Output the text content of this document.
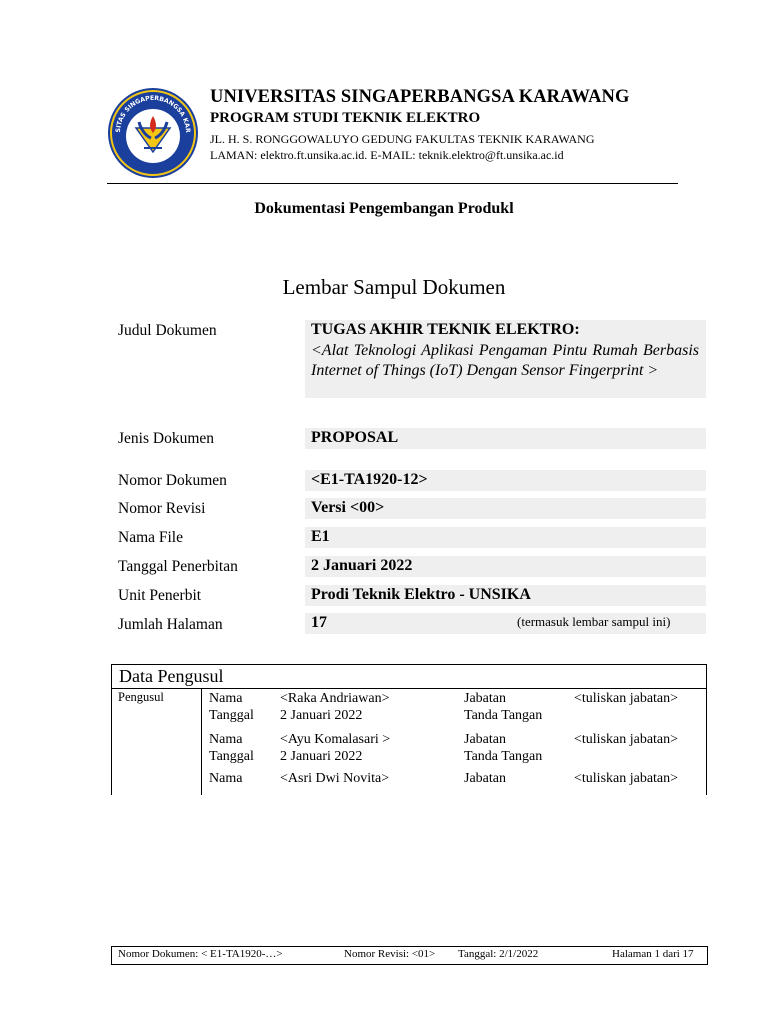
SITAS SINGAPERBANGSA KAR
UNIVERSITAS SINGAPERBANGSA KARAWANG
PROGRAM STUDI TEKNIK ELEKTRO
JL. H. S. RONGGOWALUYO GEDUNG FAKULTAS TEKNIK KARAWANG
LAMAN: elektro.ft.unsika.ac.id. E-MAIL: teknik.elektro@ft.unsika.ac.id
Dokumentasi Pengembangan Produkl
Lembar Sampul Dokumen
Judul Dokumen	TUGAS AKHIR TEKNIK ELEKTRO:
<Alat Teknologi Aplikasi Pengaman Pintu Rumah Berbasis Internet of Things (IoT) Dengan Sensor Fingerprint >
Jenis Dokumen	PROPOSAL
Nomor Dokumen	<E1-TA1920-12>
Nomor Revisi	Versi <00>
Nama File	E1
Tanggal Penerbitan	2 Januari 2022
Unit Penerbit	Prodi Teknik Elektro - UNSIKA
Jumlah Halaman	17	(termasuk lembar sampul ini)
Data Pengusul
Pengusul	Nama	<Raka Andriawan>	Jabatan	<tuliskan jabatan>
Tanggal 2 Januari 2022	Tanda Tangan
Nama	<Ayu Komalasari >	Jabatan	<tuliskan jabatan>
Tanggal 2 Januari 2022	Tanda Tangan
Nama	<Asri Dwi Novita>	Jabatan	<tuliskan jabatan>
Nomor Dokumen: < E1-TA1920-…>	Nomor Revisi: <01> Tanggal: 2/1/2022	Halaman 1 dari 17
